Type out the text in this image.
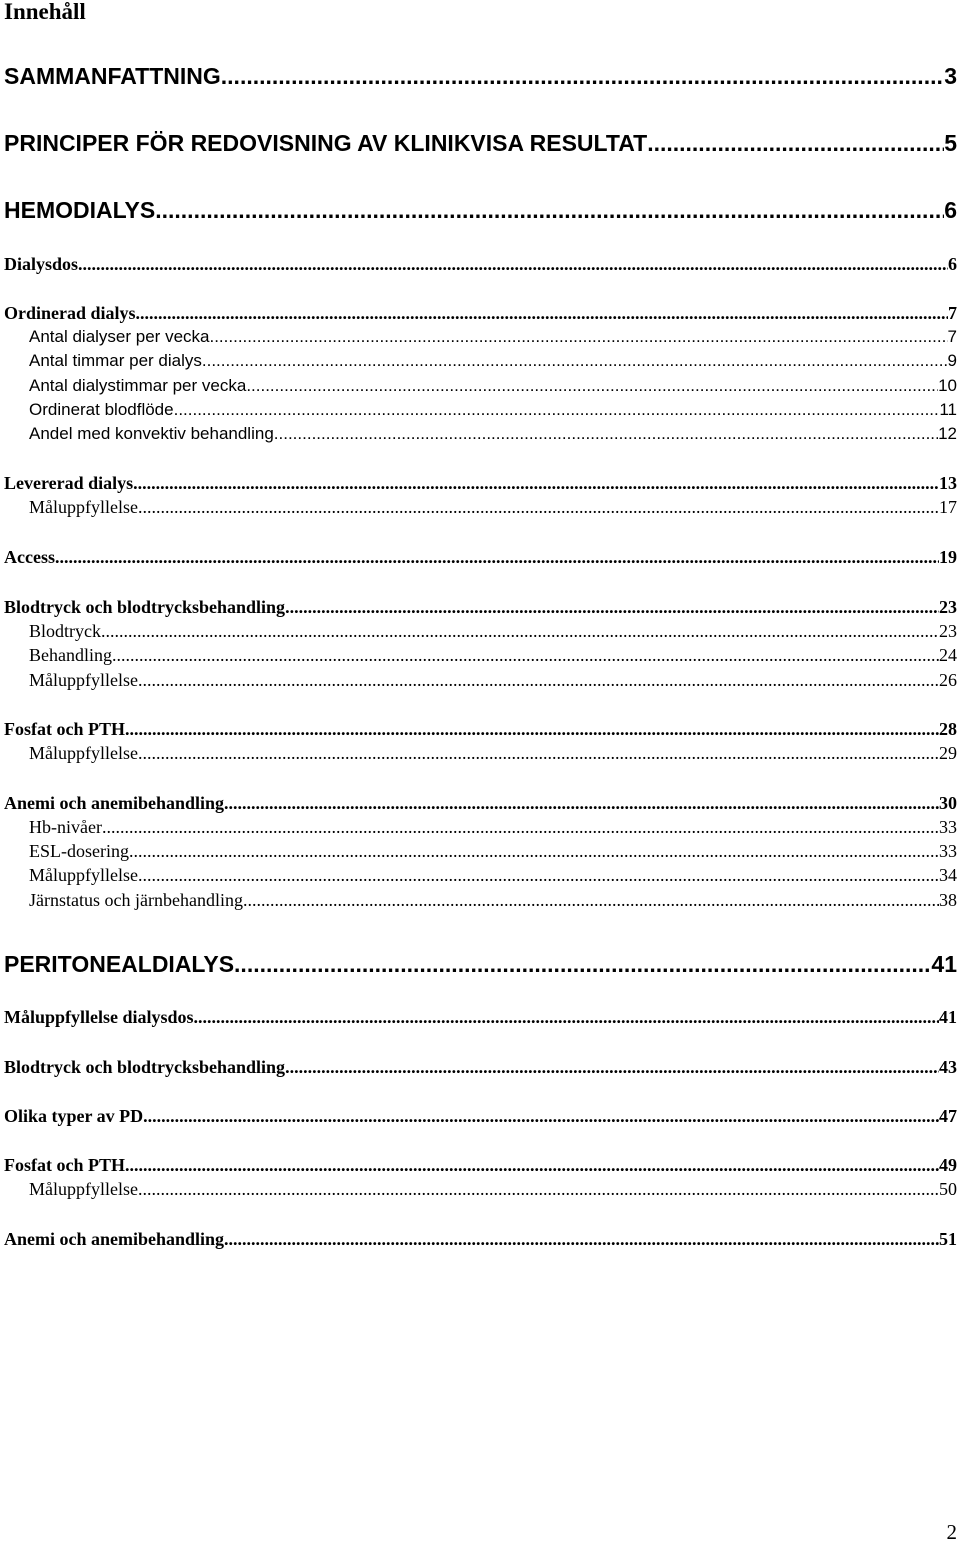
Innehåll
SAMMANFATTNING .....	3
PRINCIPER FÖR REDOVISNING AV KLINIKVISA RESULTAT .....	5
HEMODIALYS .....	6
Dialysdos .....	6
Ordinerad dialys .....	7
Antal dialyser per vecka .....	7
Antal timmar per dialys .....	9
Antal dialystimmar per vecka .....	10
Ordinerat blodflöde .....	11
Andel med konvektiv behandling .....	12
Levererad dialys .....	13
Måluppfyllelse .....	17
Access .....	19
Blodtryck och blodtrycksbehandling .....	23
Blodtryck .....	23
Behandling .....	24
Måluppfyllelse .....	26
Fosfat och PTH .....	28
Måluppfyllelse .....	29
Anemi och anemibehandling .....	30
Hb-nivåer .....	33
ESL-dosering .....	33
Måluppfyllelse .....	34
Järnstatus och järnbehandling .....	38
PERITONEALDIALYS .....	41
Måluppfyllelse dialysdos .....	41
Blodtryck och blodtrycksbehandling .....	43
Olika typer av PD .....	47
Fosfat och PTH .....	49
Måluppfyllelse .....	50
Anemi och anemibehandling .....	51
2
